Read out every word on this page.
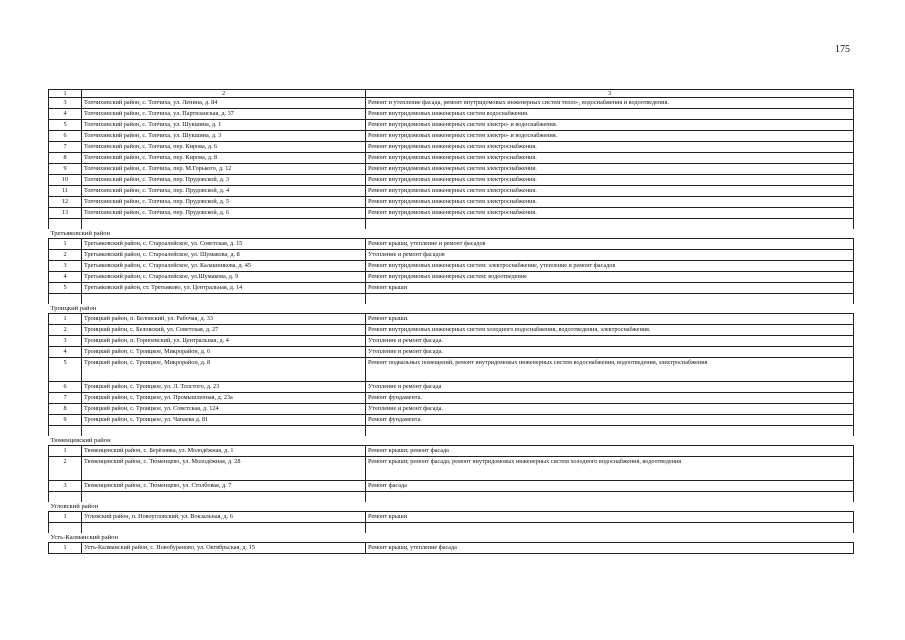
175
1	2	3
3	Топчихинский район, с. Топчиха, ул. Ленина, д. 84	Ремонт и утепление фасада, ремонт внутридомовых инженерных систем тепло-, водоснабжения и водоотведения.
4	Топчихинский район, с. Топчиха, ул. Партизанская, д. 37	Ремонт внутридомовых инженерных систем водоснабжения.
5	Топчихинский район, с. Топчиха, ул. Шукшина, д. 1	Ремонт внутридомовых инженерных систем электро- и водоснабжения.
6	Топчихинский район, с. Топчиха, ул. Шукшина, д. 3	Ремонт внутридомовых инженерных систем электро- и водоснабжения.
7	Топчихинский район, с. Топчиха, пер. Кирова, д. 6	Ремонт внутридомовых инженерных систем электроснабжения.
8	Топчихинский район, с. Топчиха, пер. Кирова, д. 8	Ремонт внутридомовых инженерных систем электроснабжения.
9	Топчихинский район, с. Топчиха, пер. М.Горького, д. 12	Ремонт внутридомовых инженерных систем электроснабжения.
10	Топчихинский район, с. Топчиха, пер. Прудовской, д. 3	Ремонт внутридомовых инженерных систем электроснабжения.
11	Топчихинский район, с. Топчиха, пер. Прудовской, д. 4	Ремонт внутридомовых инженерных систем электроснабжения.
12	Топчихинский район, с. Топчиха, пер. Прудовской, д. 5	Ремонт внутридомовых инженерных систем электроснабжения.
13	Топчихинский район, с. Топчиха, пер. Прудовской, д. 6	Ремонт внутридомовых инженерных систем электроснабжения.

Третьяковский район		
1	Третьяковский район, с. Староалейское, ул. Советская, д. 15	Ремонт крыши, утепление и ремонт фасадов
2	Третьяковский район, с. Староалейское, ул. Шумакова, д. 8	Утепление и ремонт фасадов
3	Третьяковский район, с. Староалейское, ул. Калашникова, д. 45	Ремонт внутридомовых инженерных систем: электроснабжение, утепление и ремонт фасадов
4	Третьяковский район, с. Староалейское, ул.Шумакова, д. 9	Ремонт внутридомовых инженерных систем: водоотведение
5	Третьяковский район, ст. Третьяково, ул. Центральная, д. 14	Ремонт крыши

Троицкий район		
1	Троицкий район, п. Беловский, ул. Рабочая, д. 33	Ремонт крыши.
2	Троицкий район, с. Беловский, ул. Советская, д. 27	Ремонт внутридомовых инженерных систем холодного водоснабжения, водоотведения, электроснабжения.
3	Троицкий район, п. Горноевский, ул. Центральная, д. 4	Утепление и ремонт фасада.
4	Троицкий район, с. Троицкое, Микрорайон, д. 6	Утепление и ремонт фасада.
5	Троицкий район, с. Троицкое, Микрорайон, д. 8	Ремонт подвальных помещений, ремонт внутридомовых инженерных систем водоснабжения, водоотведения, электроснабжения
6	Троицкий район, с. Троицкое, ул. Л. Толстого, д. 23	Утепление и ремонт фасада
7	Троицкий район, с. Троицкое, ул. Промышленная, д. 23а	Ремонт фундамента.
8	Троицкий район, с. Троицкое, ул. Советская, д. 124	Утепление и ремонт фасада.
9	Троицкий район, с. Троицкое, ул. Чапаева д. 81	Ремонт фундамента.

Тюменцевский район		
1	Тюменцевский район, с. Берёзовка, ул. Молодёжная, д. 1	Ремонт крыши; ремонт фасада
2	Тюменцевский район, с. Тюменцево, ул. Молодёжная, д. 28	Ремонт крыши; ремонт фасада; ремонт внутридомовых инженерных систем холодного водоснабжения, водоотведения
3	Тюменцевский район, с. Тюменцево, ул. Столбовая, д. 7	Ремонт фасада

Угловский район		
1	Угловский район, п. Новоугловский, ул. Вокзальная, д. 6	Ремонт крыши

Усть-Калманский район		
1	Усть-Калманский район, с. Новобурановo, ул. Октябрьская, д. 15	Ремонт крыши, утепление фасада
